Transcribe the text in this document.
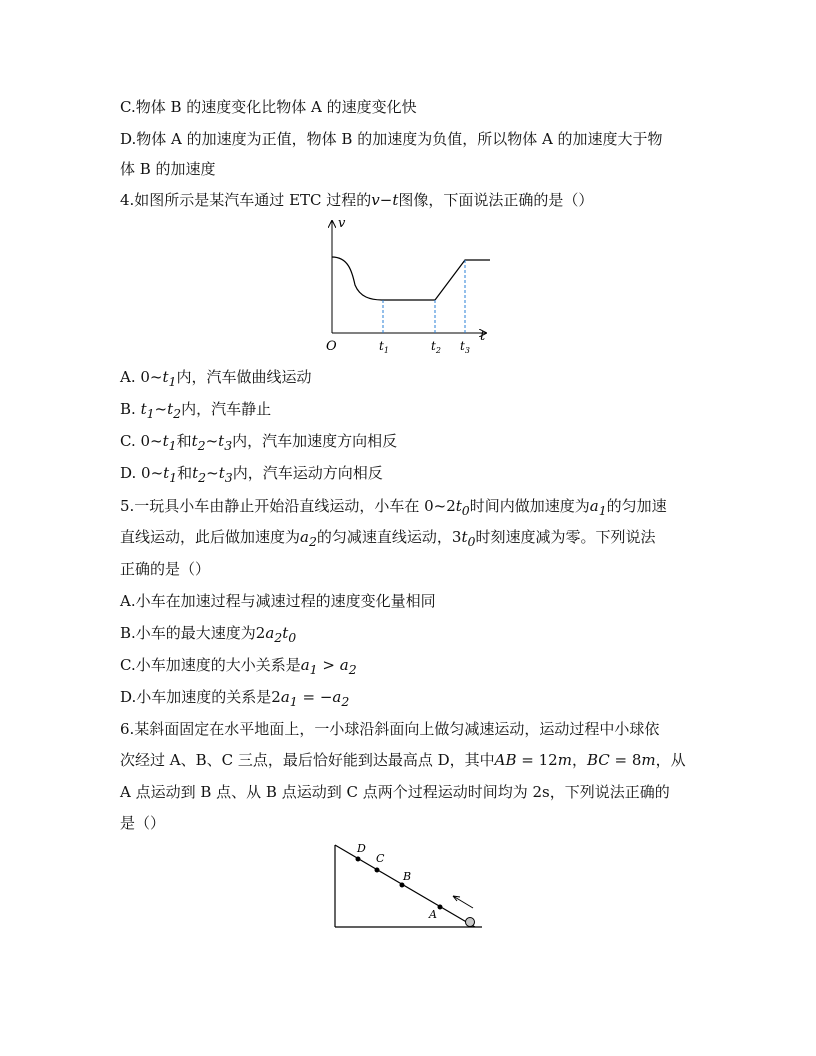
C.物体 B 的速度变化比物体 A 的速度变化快
D.物体 A 的加速度为正值，物体 B 的加速度为负值，所以物体 A 的加速度大于物
体 B 的加速度
4.如图所示是某汽车通过 ETC 过程的v−t图像，下面说法正确的是（）
v
t
O	$t_1$	$t_2$ $t_3$
A. $0\sim t_1$内，汽车做曲线运动
B. $t_1\sim t_2$内，汽车静止
C. $0\sim t_1$和$t_2\sim t_3$内，汽车加速度方向相反
D. $0\sim t_1$和$t_2\sim t_3$内，汽车运动方向相反
5.一玩具小车由静止开始沿直线运动，小车在 $0\sim 2t_0$时间内做加速度为$a_1$的匀加速
直线运动，此后做加速度为$a_2$的匀减速直线运动，$3t_0$时刻速度减为零。下列说法
正确的是（）
A.小车在加速过程与减速过程的速度变化量相同
B.小车的最大速度为$2a_2t_0$
C.小车加速度的大小关系是$a_1 > a_2$
D.小车加速度的关系是$2a_1 = -a_2$
6.某斜面固定在水平地面上，一小球沿斜面向上做匀减速运动，运动过程中小球依
次经过 A、B、C 三点，最后恰好能到达最高点 D，其中AB = 12m，BC = 8m，从
A 点运动到 B 点、从 B 点运动到 C 点两个过程运动时间均为 2s，下列说法正确的
是（）
D
C
B
A
